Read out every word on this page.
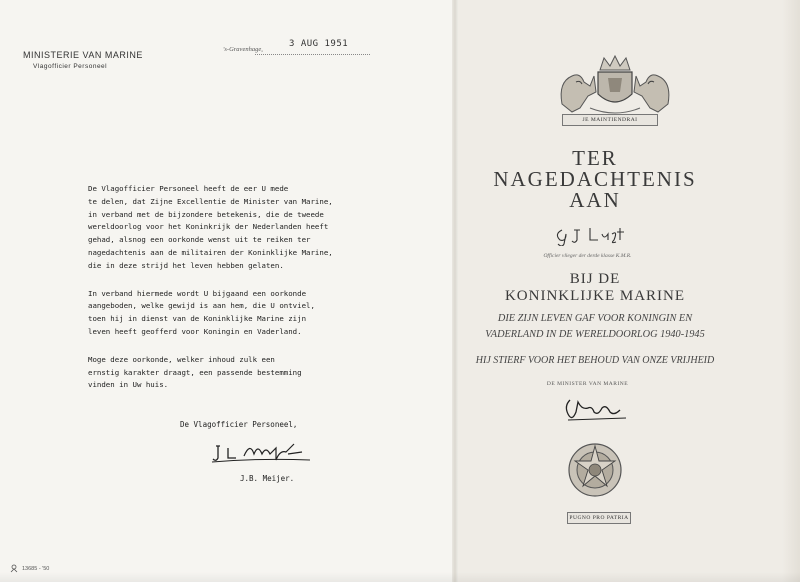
MINISTERIE VAN MARINE
Vlagofficier Personeel
's-Gravenhage,
3 AUG 1951

De Vlagofficier Personeel heeft de eer U mede
te delen, dat Zijne Excellentie de Minister van Marine,
in verband met de bijzondere betekenis, die de tweede
wereldoorlog voor het Koninkrijk der Nederlanden heeft
gehad, alsnog een oorkonde wenst uit te reiken ter
nagedachtenis aan de militairen der Koninklijke Marine,
die in deze strijd het leven hebben gelaten.

In verband hiermede wordt U bijgaand een oorkonde
aangeboden, welke gewijd is aan hem, die U ontviel,
toen hij in dienst van de Koninklijke Marine zijn
leven heeft geofferd voor Koningin en Vaderland.

Moge deze oorkonde, welker inhoud zulk een
ernstig karakter draagt, een passende bestemming
vinden in Uw huis.

De Vlagofficier Personeel,
J.B. Meijer.
13685 - '50
JE MAINTIENDRAI
TER
NAGEDACHTENIS
AAN
Officier vlieger der derde klasse K.M.R.
BIJ DE
KONINKLIJKE MARINE
DIE ZIJN LEVEN GAF VOOR KONINGIN EN
VADERLAND IN DE WERELDOORLOG 1940-1945
HIJ STIERF VOOR HET BEHOUD VAN ONZE VRIJHEID
DE MINISTER VAN MARINE
PUGNO PRO PATRIA
